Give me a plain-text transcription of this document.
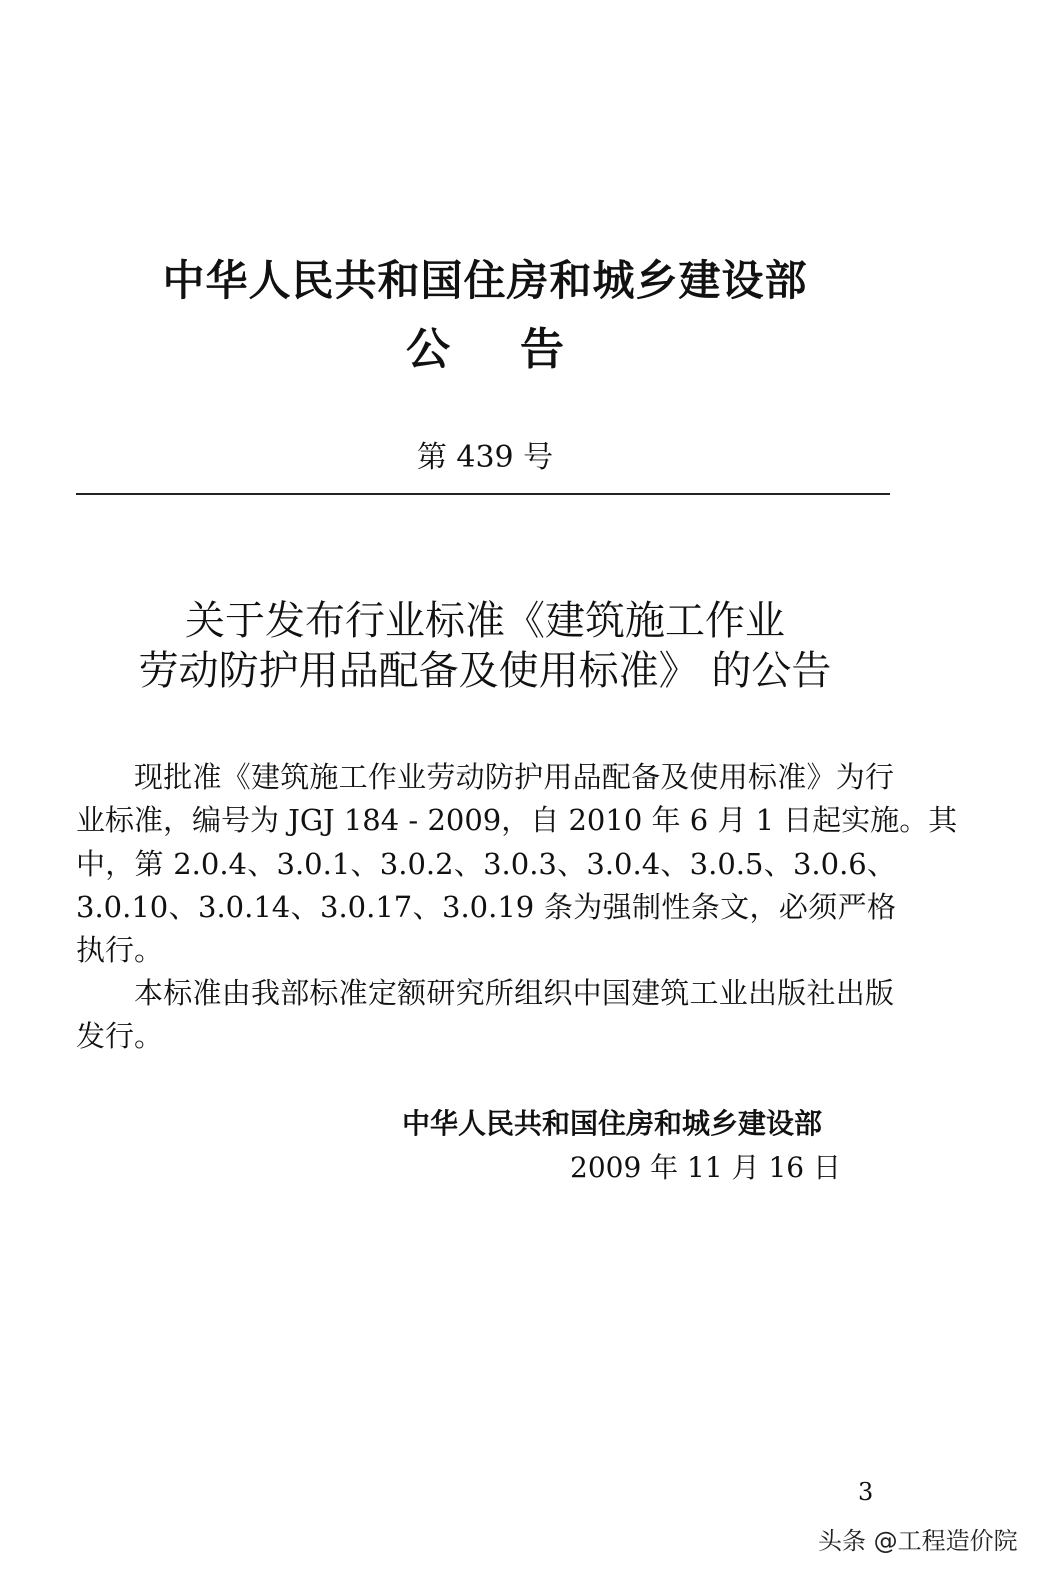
中华人民共和国住房和城乡建设部
公告
第 439 号
关于发布行业标准《建筑施工作业
劳动防护用品配备及使用标准》 的公告
现批准《建筑施工作业劳动防护用品配备及使用标准》为行
业标准，编号为 JGJ 184 - 2009，自 2010 年 6 月 1 日起实施。其
中，第 2.0.4、3.0.1、3.0.2、3.0.3、3.0.4、3.0.5、3.0.6、
3.0.10、3.0.14、3.0.17、3.0.19 条为强制性条文，必须严格
执行。
本标准由我部标准定额研究所组织中国建筑工业出版社出版
发行。
中华人民共和国住房和城乡建设部
2009 年 11 月 16 日
3
头条 @工程造价院
